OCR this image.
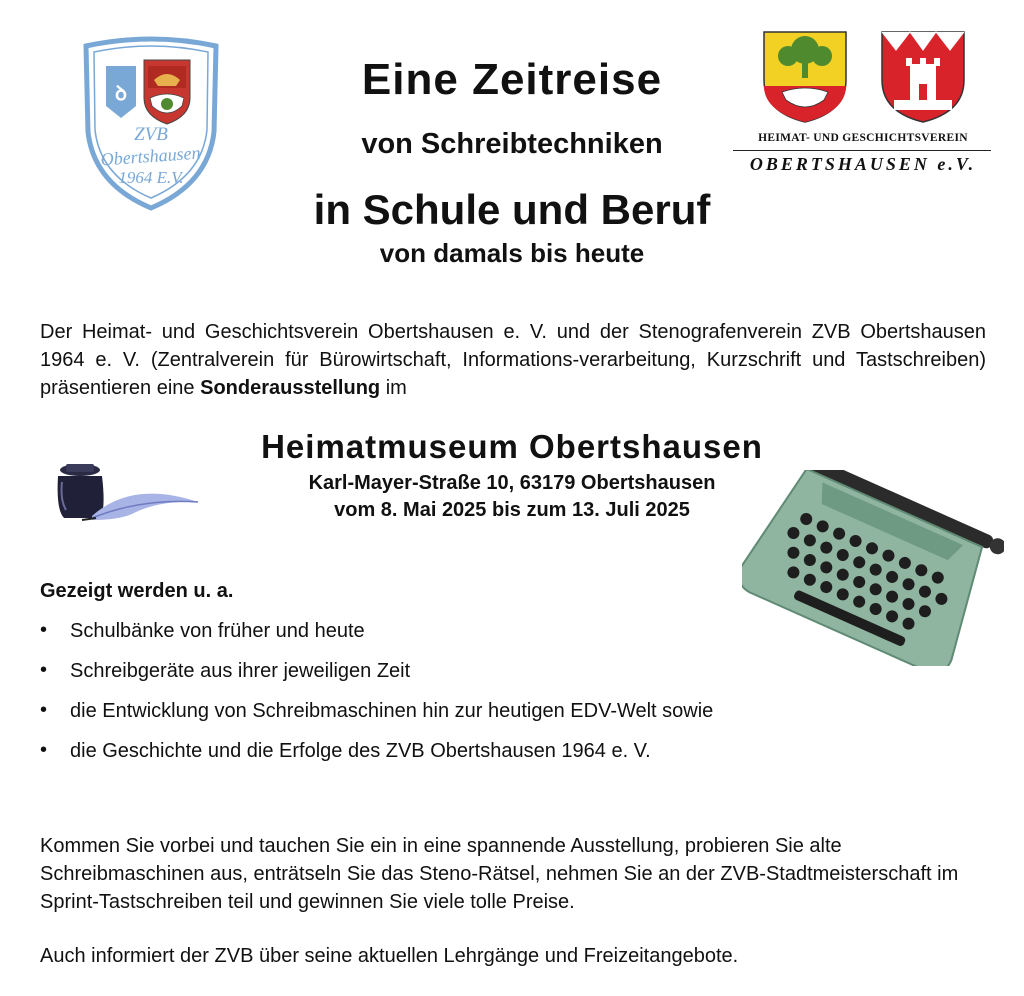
ꝺ
ZVB
Obertshausen
1964 E.V.
HEIMAT- UND GESCHICHTSVEREIN
OBERTSHAUSEN e.V.
Eine Zeitreise
von Schreibtechniken
in Schule und Beruf
von damals bis heute
Der Heimat- und Geschichtsverein Obertshausen e. V. und der Stenografenverein ZVB Obertshausen 1964 e. V. (Zentralverein für Bürowirtschaft, Informations-verarbeitung, Kurzschrift und Tastschreiben) präsentieren eine Sonderausstellung im
Heimatmuseum Obertshausen
Karl-Mayer-Straße 10, 63179 Obertshausen
vom 8. Mai 2025 bis zum 13. Juli 2025
Gezeigt werden u. a.
• Schulbänke von früher und heute
• Schreibgeräte aus ihrer jeweiligen Zeit
• die Entwicklung von Schreibmaschinen hin zur heutigen EDV-Welt sowie
• die Geschichte und die Erfolge des ZVB Obertshausen 1964 e. V.
Kommen Sie vorbei und tauchen Sie ein in eine spannende Ausstellung, probieren Sie alte Schreibmaschinen aus, enträtseln Sie das Steno-Rätsel, nehmen Sie an der ZVB-Stadtmeisterschaft im Sprint-Tastschreiben teil und gewinnen Sie viele tolle Preise.
Auch informiert der ZVB über seine aktuellen Lehrgänge und Freizeitangebote.
